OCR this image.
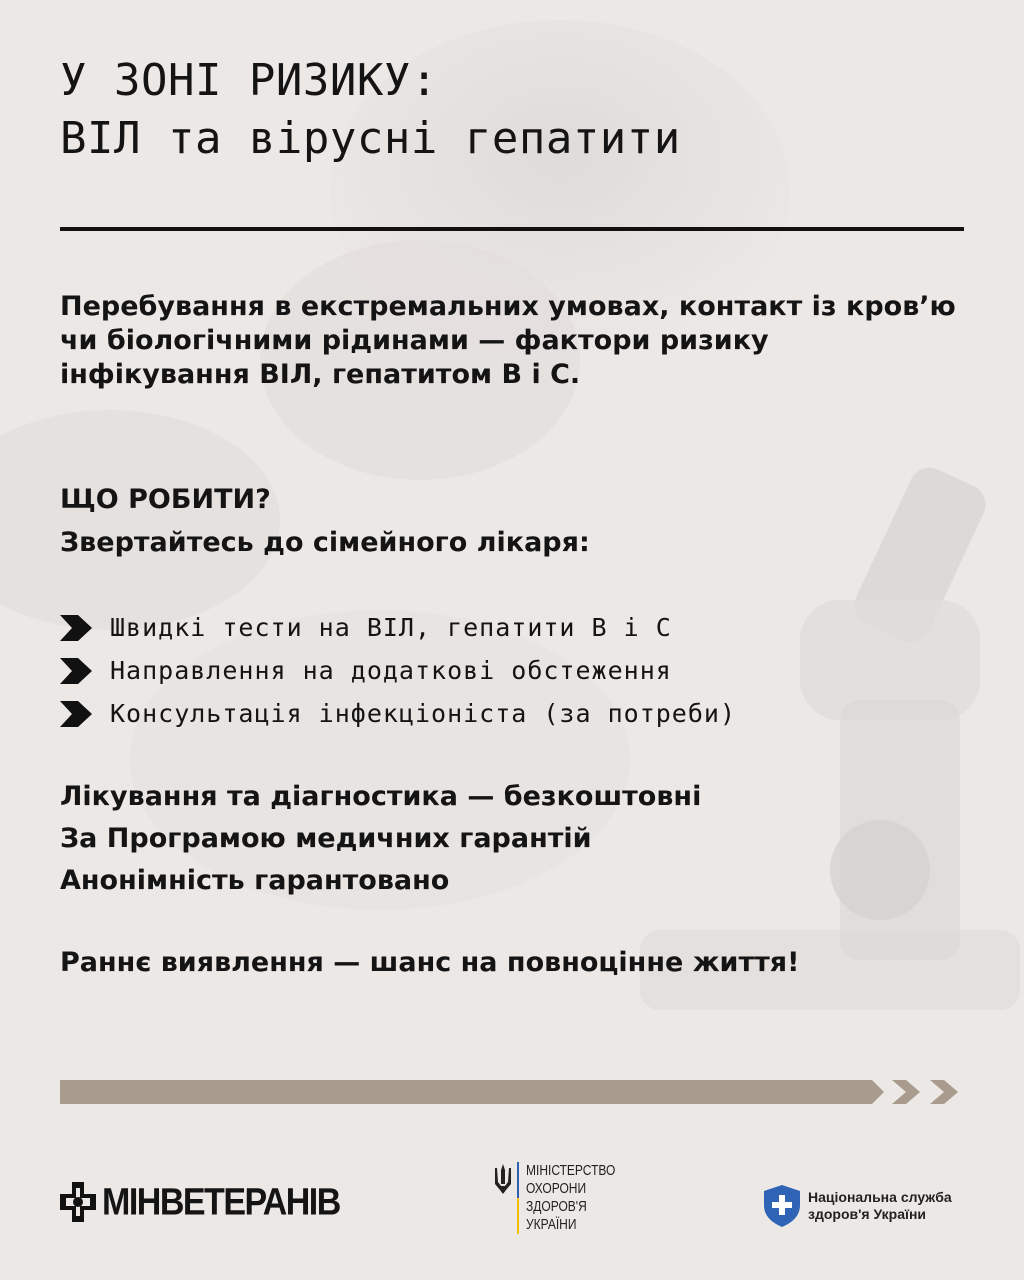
У ЗОНІ РИЗИКУ:
ВІЛ та вірусні гепатити

Перебування в екстремальних умовах, контакт із кров’ю чи біологічними рідинами — фактори ризику інфікування ВІЛ, гепатитом В і С.

ЩО РОБИТИ?

Звертайтесь до сімейного лікаря:

Швидкі тести на ВІЛ, гепатити В і С
Направлення на додаткові обстеження
Консультація інфекціоніста (за потреби)
Лікування та діагностика — безкоштовні
За Програмою медичних гарантій
Анонімність гарантовано

Раннє виявлення — шанс на повноцінне життя!

МІНВЕТЕРАНІВ
МІНІСТЕРСТВО
ОХОРОНИ
ЗДОРОВ'Я
УКРАЇНИ
Національна служба
здоров'я України
